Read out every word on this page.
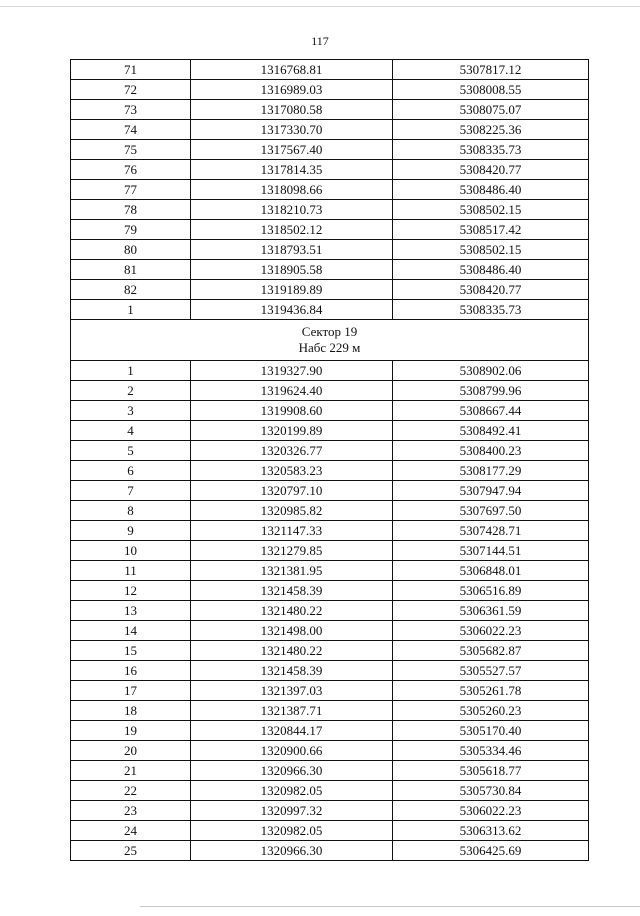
117
71	1316768.81	5307817.12
72	1316989.03	5308008.55
73	1317080.58	5308075.07
74	1317330.70	5308225.36
75	1317567.40	5308335.73
76	1317814.35	5308420.77
77	1318098.66	5308486.40
78	1318210.73	5308502.15
79	1318502.12	5308517.42
80	1318793.51	5308502.15
81	1318905.58	5308486.40
82	1319189.89	5308420.77
1	1319436.84	5308335.73

Сектор 19
Набс 229 м		

1	1319327.90	5308902.06
2	1319624.40	5308799.96
3	1319908.60	5308667.44
4	1320199.89	5308492.41
5	1320326.77	5308400.23
6	1320583.23	5308177.29
7	1320797.10	5307947.94
8	1320985.82	5307697.50
9	1321147.33	5307428.71
10	1321279.85	5307144.51
11	1321381.95	5306848.01
12	1321458.39	5306516.89
13	1321480.22	5306361.59
14	1321498.00	5306022.23
15	1321480.22	5305682.87
16	1321458.39	5305527.57
17	1321397.03	5305261.78
18	1321387.71	5305260.23
19	1320844.17	5305170.40
20	1320900.66	5305334.46
21	1320966.30	5305618.77
22	1320982.05	5305730.84
23	1320997.32	5306022.23
24	1320982.05	5306313.62
25	1320966.30	5306425.69
